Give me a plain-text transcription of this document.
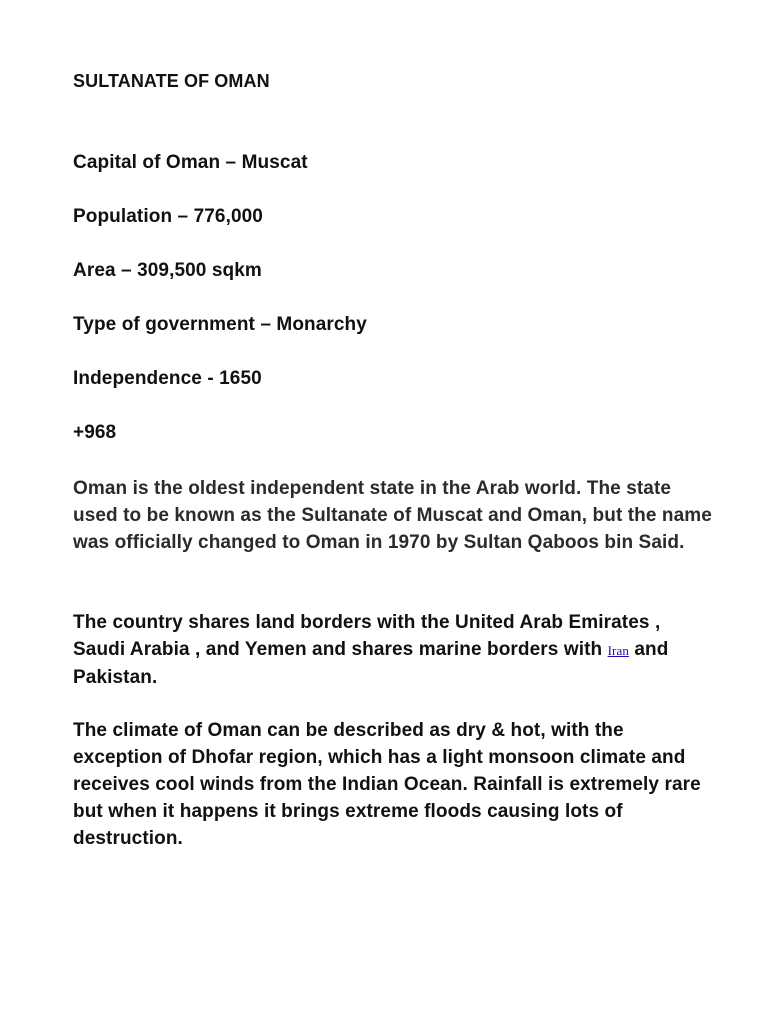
SULTANATE OF OMAN

Capital of Oman – Muscat

Population – 776,000

Area – 309,500 sqkm

Type of government – Monarchy

Independence - 1650

+968

Oman is the oldest independent state in the Arab world. The state used to be known as the Sultanate of Muscat and Oman, but the name was officially changed to Oman in 1970 by Sultan Qaboos bin Said.

The country shares land borders with the United Arab Emirates , Saudi Arabia , and Yemen and shares marine borders with Iran and Pakistan.

The climate of Oman can be described as dry & hot, with the exception of Dhofar region, which has a light monsoon climate and receives cool winds from the Indian Ocean. Rainfall is extremely rare but when it happens it brings extreme floods causing lots of destruction.
